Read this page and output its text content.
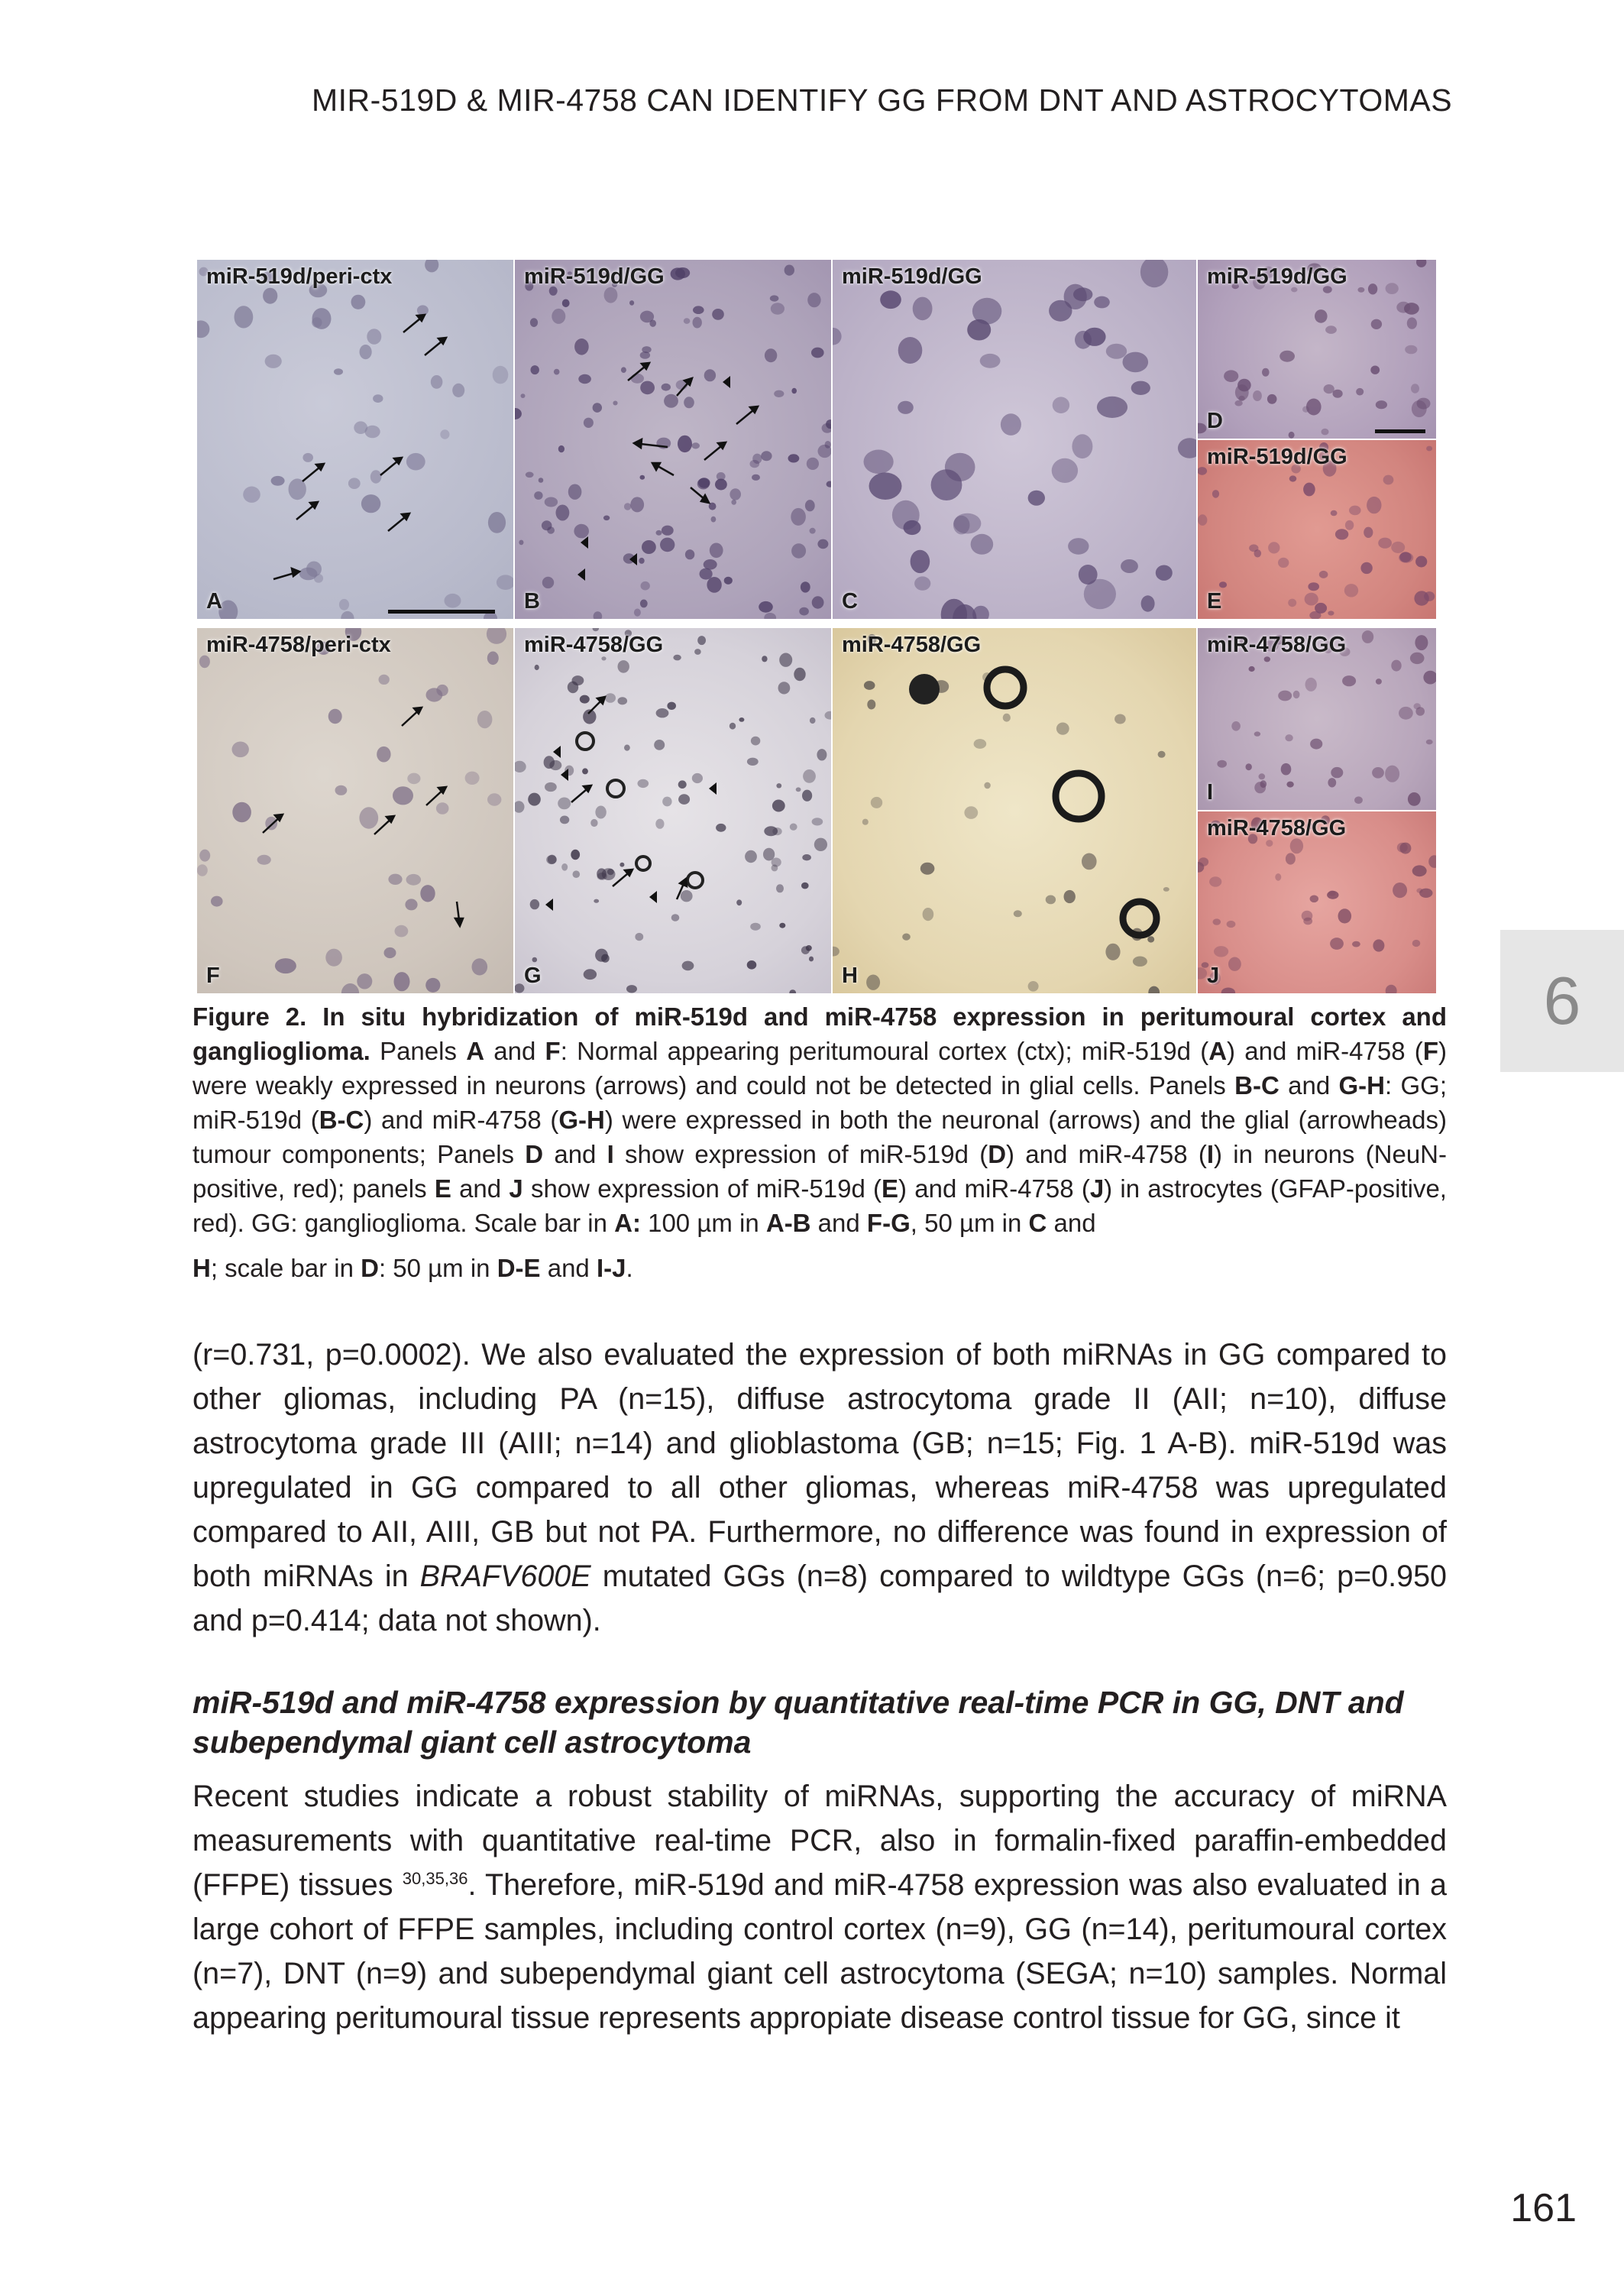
MIR-519D & MIR-4758 CAN IDENTIFY GG FROM DNT AND ASTROCYTOMAS
6
miR-519d/peri-ctx
A
miR-519d/GG
B
miR-519d/GG
C
miR-519d/GG
D
miR-519d/GG
E
miR-4758/peri-ctx
F
miR-4758/GG
G
miR-4758/GG
H
miR-4758/GG
I
miR-4758/GG
J
Figure 2. In situ hybridization of miR-519d and miR-4758 expression in peritumoural cortex and ganglioglioma. Panels A and F: Normal appearing peritumoural cortex (ctx); miR-519d (A) and miR-4758 (F) were weakly expressed in neurons (arrows) and could not be detected in glial cells. Panels B-C and G-H: GG; miR-519d (B-C) and miR-4758 (G-H) were expressed in both the neuronal (arrows) and the glial (arrowheads) tumour components; Panels D and I show expression of miR-519d (D) and miR-4758 (I) in neurons (NeuN-positive, red); panels E and J show expression of miR-519d (E) and miR-4758 (J) in astrocytes (GFAP-positive, red). GG: ganglioglioma. Scale bar in A: 100 µm in A-B and F-G, 50 µm in C and
H; scale bar in D: 50 µm in D-E and I-J.
(r=0.731, p=0.0002). We also evaluated the expression of both miRNAs in GG compared to other gliomas, including PA (n=15), diffuse astrocytoma grade II (AII; n=10), diffuse astrocytoma grade III (AIII; n=14) and glioblastoma (GB; n=15; Fig. 1 A-B). miR-519d was upregulated in GG compared to all other gliomas, whereas miR-4758 was upregulated compared to AII, AIII, GB but not PA. Furthermore, no difference was found in expression of both miRNAs in BRAFV600E mutated GGs (n=8) compared to wildtype GGs (n=6; p=0.950 and p=0.414; data not shown).
miR-519d and miR-4758 expression by quantitative real-time PCR in GG, DNT and subependymal giant cell astrocytoma
Recent studies indicate a robust stability of miRNAs, supporting the accuracy of miRNA measurements with quantitative real-time PCR, also in formalin-fixed paraffin-embedded (FFPE) tissues $^{30,35,36}$. Therefore, miR-519d and miR-4758 expression was also evaluated in a large cohort of FFPE samples, including control cortex (n=9), GG (n=14), peritumoural cortex (n=7), DNT (n=9) and subependymal giant cell astrocytoma (SEGA; n=10) samples. Normal appearing peritumoural tissue represents appropiate disease control tissue for GG, since it
161
